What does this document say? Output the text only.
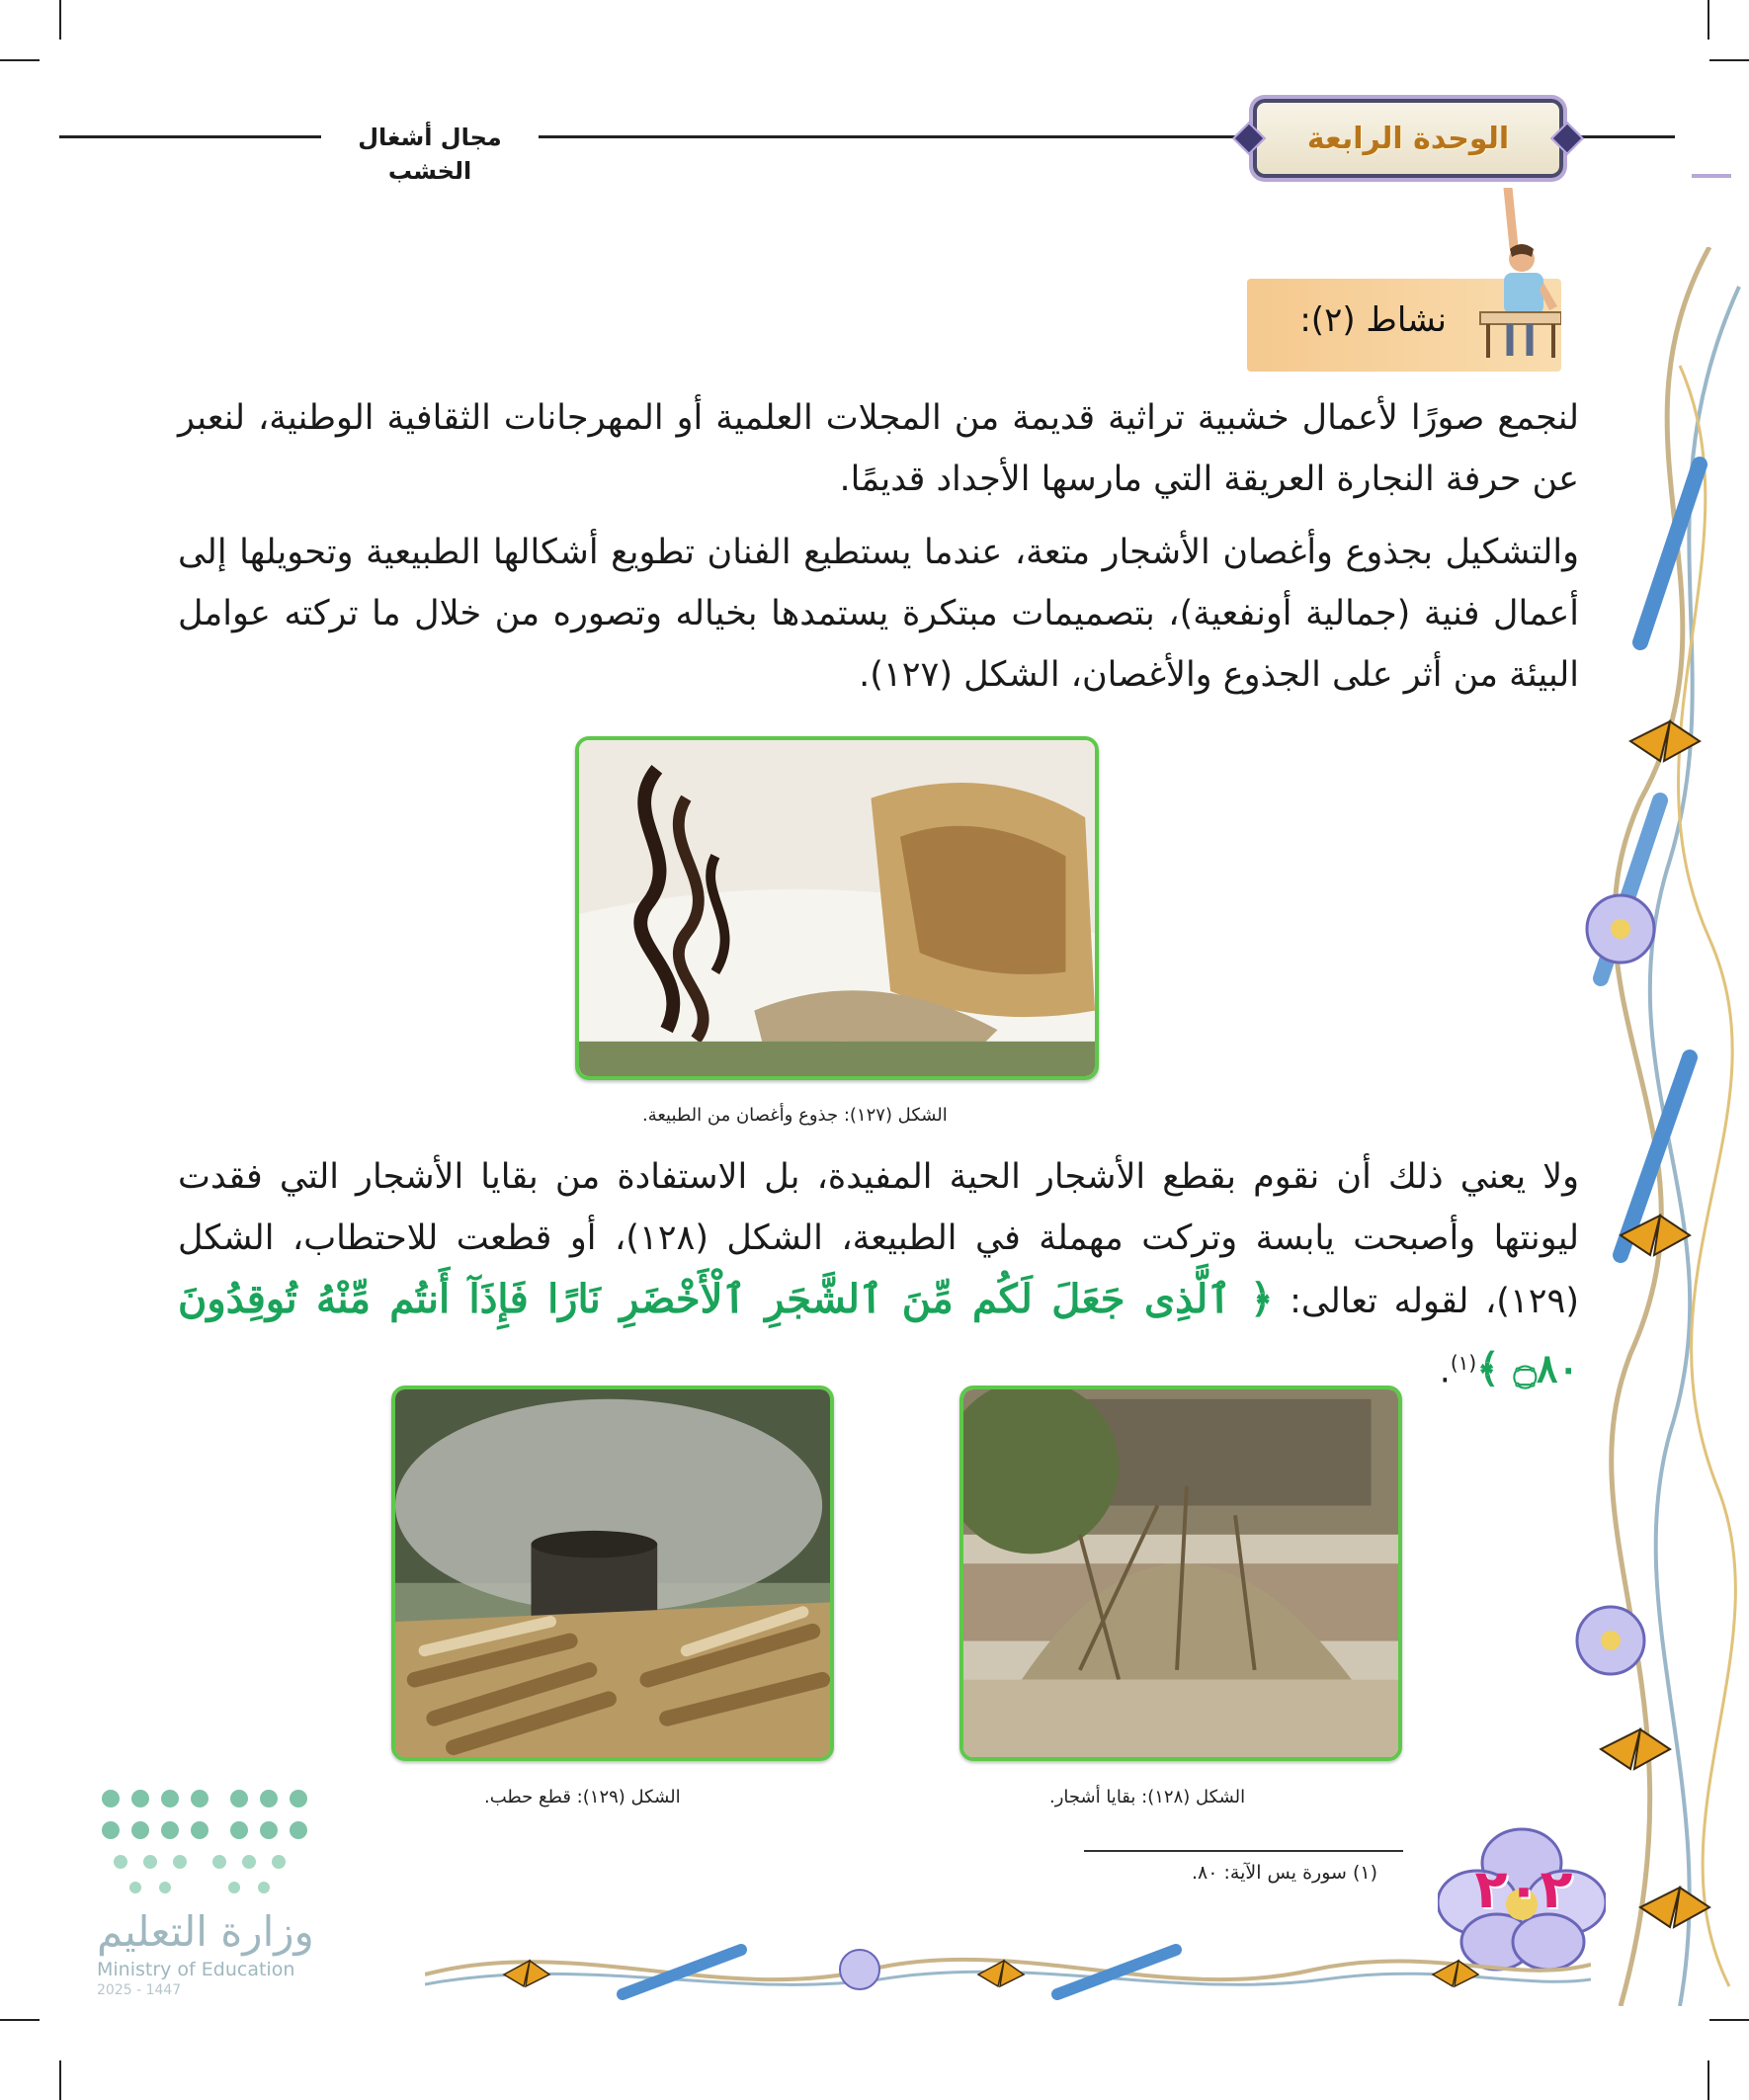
مجال أشغال الخشب
الوحدة الرابعة
نشاط (٢):

لنجمع صورًا لأعمال خشبية تراثية قديمة من المجلات العلمية أو المهرجانات الثقافية الوطنية، لنعبر عن حرفة النجارة العريقة التي مارسها الأجداد قديمًا.

والتشكيل بجذوع وأغصان الأشجار متعة، عندما يستطيع الفنان تطويع أشكالها الطبيعية وتحويلها إلى أعمال فنية (جمالية أونفعية)، بتصميمات مبتكرة يستمدها بخياله وتصوره من خلال ما تركته عوامل البيئة من أثر على الجذوع والأغصان، الشكل (١٢٧).

الشكل (١٢٧): جذوع وأغصان من الطبيعة.

ولا يعني ذلك أن نقوم بقطع الأشجار الحية المفيدة، بل الاستفادة من بقايا الأشجار التي فقدت ليونتها وأصبحت يابسة وتركت مهملة في الطبيعة، الشكل (١٢٨)، أو قطعت للاحتطاب، الشكل (١٢٩)، لقوله تعالى: ﴿ ٱلَّذِى جَعَلَ لَكُم مِّنَ ٱلشَّجَرِ ٱلْأَخْضَرِ نَارًا فَإِذَآ أَنتُم مِّنْهُ تُوقِدُونَ ۝٨٠ ﴾$^{(١)}$.

الشكل (١٢٨): بقايا أشجار.
الشكل (١٢٩): قطع حطب.
(١) سورة يس الآية: ٨٠. ٢٠٢
وزارة التعليم
Ministry of Education
2025 - 1447
